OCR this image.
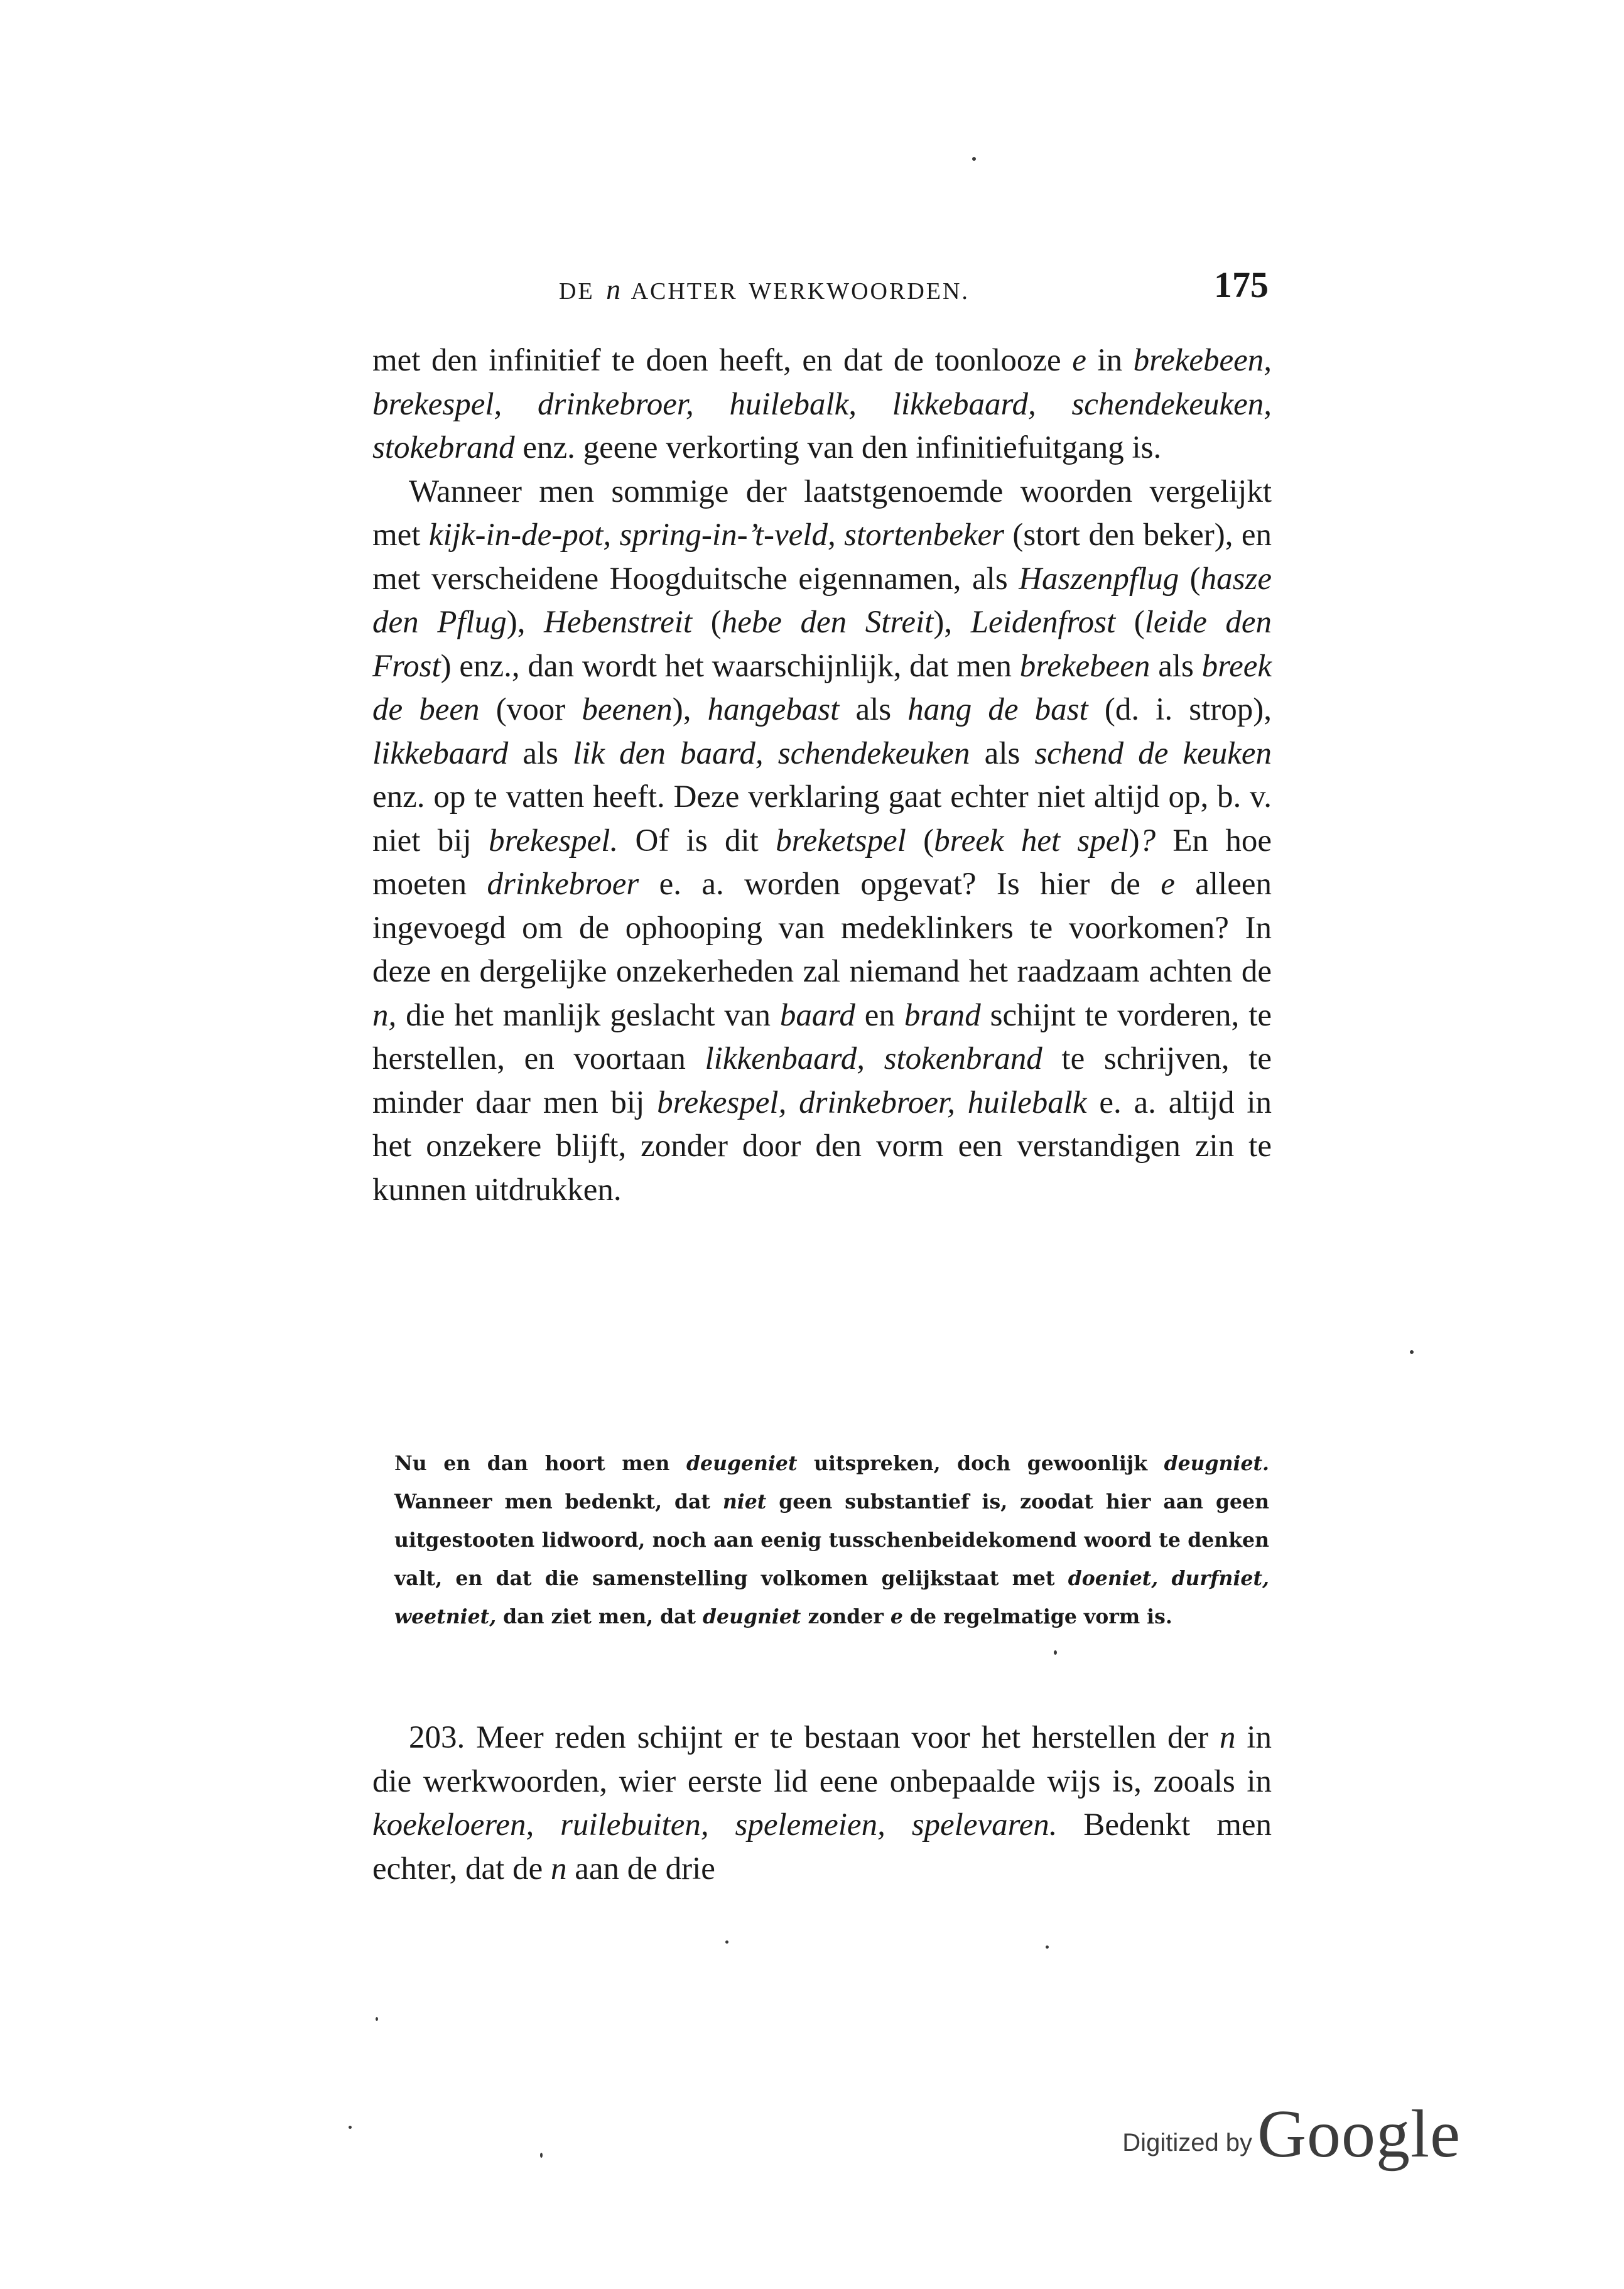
DE n ACHTER WERKWOORDEN.	175

met den infinitief te doen heeft, en dat de toonlooze e in brekebeen, brekespel, drinkebroer, huilebalk, likkebaard, schendekeuken, stokebrand enz. geene verkorting van den infinitiefuitgang is.

Wanneer men sommige der laatstgenoemde woorden vergelijkt met kijk-in-de-pot, spring-in-’t-veld, stortenbeker (stort den beker), en met verscheidene Hoogduitsche eigennamen, als Haszenpflug (hasze den Pflug), Hebenstreit (hebe den Streit), Leidenfrost (leide den Frost) enz., dan wordt het waarschijnlijk, dat men brekebeen als breek de been (voor beenen), hangebast als hang de bast (d. i. strop), likkebaard als lik den baard, schendekeuken als schend de keuken enz. op te vatten heeft. Deze verklaring gaat echter niet altijd op, b. v. niet bij brekespel. Of is dit breketspel (breek het spel)? En hoe moeten drinkebroer e. a. worden opgevat? Is hier de e alleen ingevoegd om de ophooping van medeklinkers te voorkomen? In deze en dergelijke onzekerheden zal niemand het raadzaam achten de n, die het manlijk geslacht van baard en brand schijnt te vorderen, te herstellen, en voortaan likkenbaard, stokenbrand te schrijven, te minder daar men bij brekespel, drinkebroer, huilebalk e. a. altijd in het onzekere blijft, zonder door den vorm een verstandigen zin te kunnen uitdrukken.

Nu en dan hoort men deugeniet uitspreken, doch gewoonlijk deugniet. Wanneer men bedenkt, dat niet geen substantief is, zoodat hier aan geen uitgestooten lidwoord, noch aan eenig tusschenbeidekomend woord te denken valt, en dat die samenstelling volkomen gelijkstaat met doeniet, durfniet, weetniet, dan ziet men, dat deugniet zonder e de regelmatige vorm is.

203. Meer reden schijnt er te bestaan voor het herstellen der n in die werkwoorden, wier eerste lid eene onbepaalde wijs is, zooals in koekeloeren, ruilebuiten, spelemeien, spelevaren. Bedenkt men echter, dat de n aan de drie

Digitized by Google
